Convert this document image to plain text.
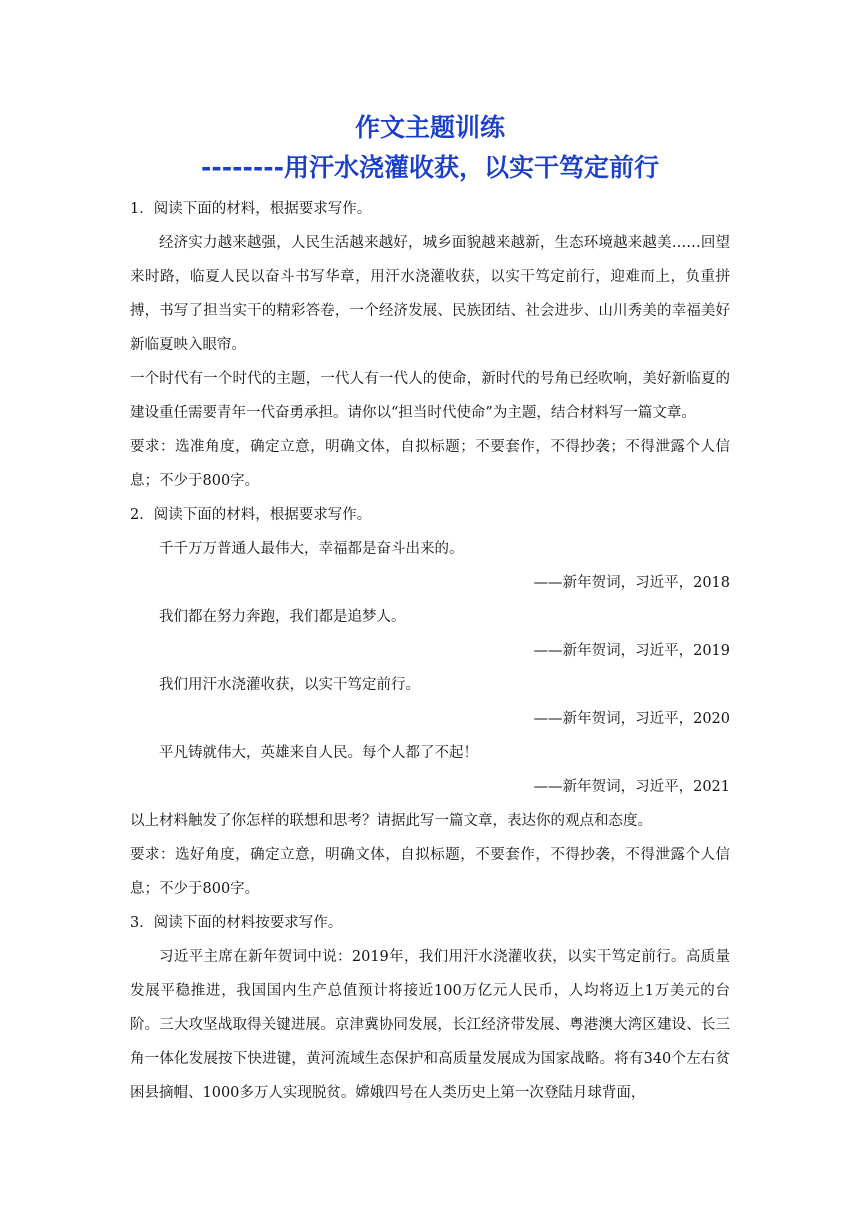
作文主题训练
--------用汗水浇灌收获，以实干笃定前行

1．阅读下面的材料，根据要求写作。

经济实力越来越强，人民生活越来越好，城乡面貌越来越新，生态环境越来越美……回望来时路，临夏人民以奋斗书写华章，用汗水浇灌收获，以实干笃定前行，迎难而上，负重拼搏，书写了担当实干的精彩答卷，一个经济发展、民族团结、社会进步、山川秀美的幸福美好新临夏映入眼帘。

一个时代有一个时代的主题，一代人有一代人的使命，新时代的号角已经吹响，美好新临夏的建设重任需要青年一代奋勇承担。请你以“担当时代使命”为主题，结合材料写一篇文章。

要求：选准角度，确定立意，明确文体，自拟标题；不要套作，不得抄袭；不得泄露个人信息；不少于800字。

2．阅读下面的材料，根据要求写作。

千千万万普通人最伟大，幸福都是奋斗出来的。

——新年贺词，习近平，2018

我们都在努力奔跑，我们都是追梦人。

——新年贺词，习近平，2019

我们用汗水浇灌收获，以实干笃定前行。

——新年贺词，习近平，2020

平凡铸就伟大，英雄来自人民。每个人都了不起！

——新年贺词，习近平，2021

以上材料触发了你怎样的联想和思考？请据此写一篇文章，表达你的观点和态度。

要求：选好角度，确定立意，明确文体，自拟标题，不要套作，不得抄袭，不得泄露个人信息；不少于800字。

3．阅读下面的材料按要求写作。

习近平主席在新年贺词中说：2019年，我们用汗水浇灌收获，以实干笃定前行。高质量发展平稳推进，我国国内生产总值预计将接近100万亿元人民币，人均将迈上1万美元的台阶。三大攻坚战取得关键进展。京津冀协同发展，长江经济带发展、粤港澳大湾区建设、长三角一体化发展按下快进键，黄河流域生态保护和高质量发展成为国家战略。将有340个左右贫困县摘帽、1000多万人实现脱贫。嫦娥四号在人类历史上第一次登陆月球背面，
